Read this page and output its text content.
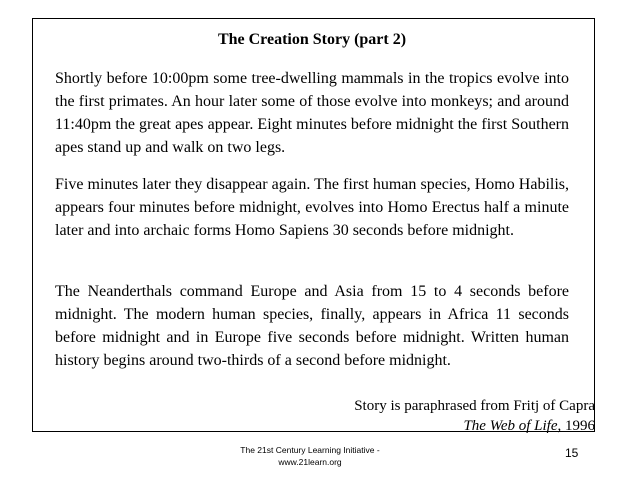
The Creation Story (part 2)

Shortly before 10:00pm some tree-dwelling mammals in the tropics evolve into the first primates. An hour later some of those evolve into monkeys; and around 11:40pm the great apes appear. Eight minutes before midnight the first Southern apes stand up and walk on two legs.

Five minutes later they disappear again. The first human species, Homo Habilis, appears four minutes before midnight, evolves into Homo Erectus half a minute later and into archaic forms Homo Sapiens 30 seconds before midnight.

The Neanderthals command Europe and Asia from 15 to 4 seconds before midnight. The modern human species, finally, appears in Africa 11 seconds before midnight and in Europe five seconds before midnight. Written human history begins around two-thirds of a second before midnight.

Story is paraphrased from Fritj of Capra
The Web of Life, 1996
The 21st Century Learning Initiative -
www.21learn.org
15
